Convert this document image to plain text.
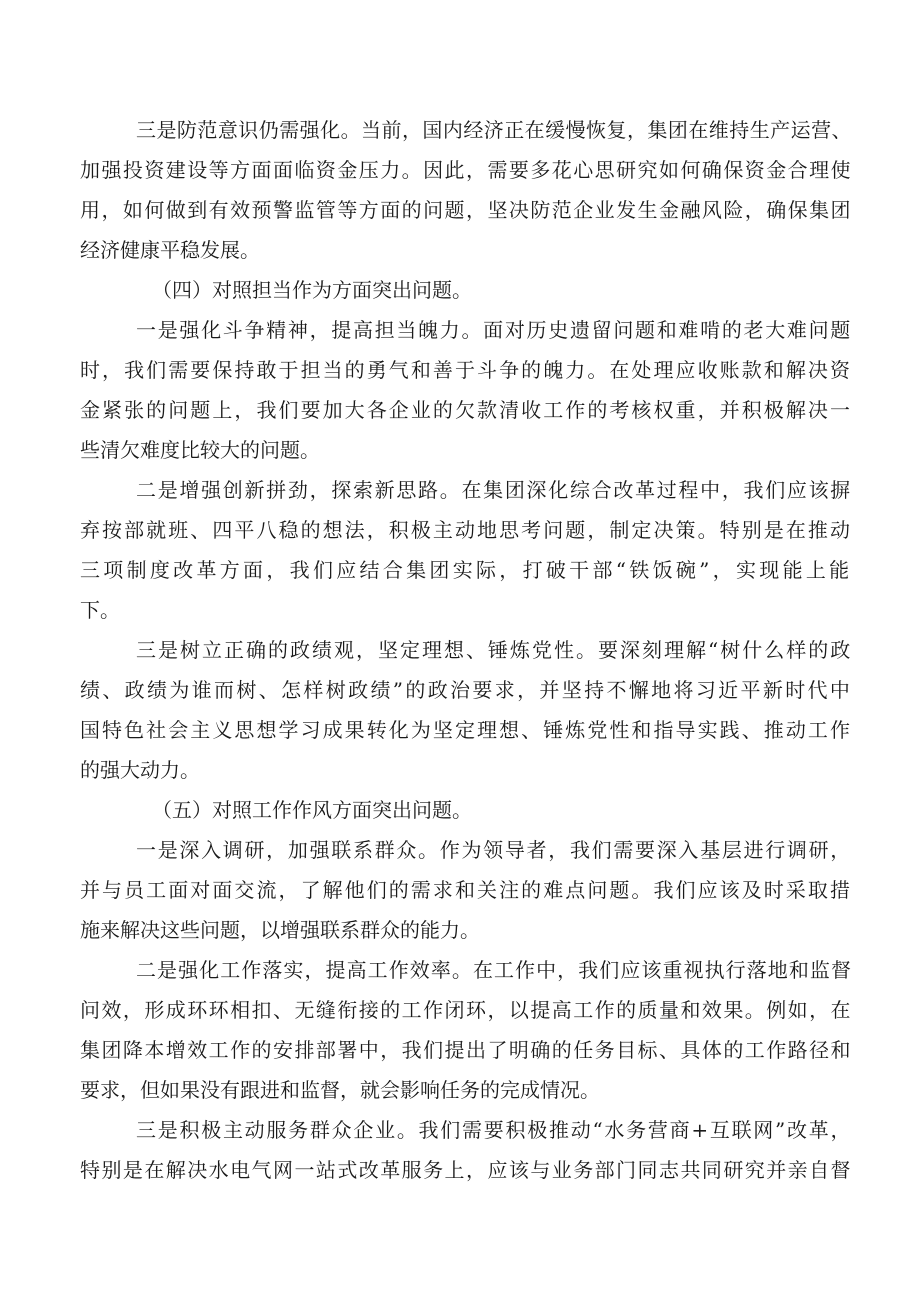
三是防范意识仍需强化。当前，国内经济正在缓慢恢复，集团在维持生产运营、
加强投资建设等方面面临资金压力。因此，需要多花心思研究如何确保资金合理使
用，如何做到有效预警监管等方面的问题，坚决防范企业发生金融风险，确保集团
经济健康平稳发展。
（四）对照担当作为方面突出问题。
一是强化斗争精神，提高担当魄力。面对历史遗留问题和难啃的老大难问题
时，我们需要保持敢于担当的勇气和善于斗争的魄力。在处理应收账款和解决资
金紧张的问题上，我们要加大各企业的欠款清收工作的考核权重，并积极解决一
些清欠难度比较大的问题。
二是增强创新拼劲，探索新思路。在集团深化综合改革过程中，我们应该摒
弃按部就班、四平八稳的想法，积极主动地思考问题，制定决策。特别是在推动
三项制度改革方面，我们应结合集团实际，打破干部“铁饭碗”，实现能上能
下。
三是树立正确的政绩观，坚定理想、锤炼党性。要深刻理解“树什么样的政
绩、政绩为谁而树、怎样树政绩”的政治要求，并坚持不懈地将习近平新时代中
国特色社会主义思想学习成果转化为坚定理想、锤炼党性和指导实践、推动工作
的强大动力。
（五）对照工作作风方面突出问题。
一是深入调研，加强联系群众。作为领导者，我们需要深入基层进行调研，
并与员工面对面交流，了解他们的需求和关注的难点问题。我们应该及时采取措
施来解决这些问题，以增强联系群众的能力。
二是强化工作落实，提高工作效率。在工作中，我们应该重视执行落地和监督
问效，形成环环相扣、无缝衔接的工作闭环，以提高工作的质量和效果。例如，在
集团降本增效工作的安排部署中，我们提出了明确的任务目标、具体的工作路径和
要求，但如果没有跟进和监督，就会影响任务的完成情况。
三是积极主动服务群众企业。我们需要积极推动“水务营商+互联网”改革，
特别是在解决水电气网一站式改革服务上，应该与业务部门同志共同研究并亲自督
